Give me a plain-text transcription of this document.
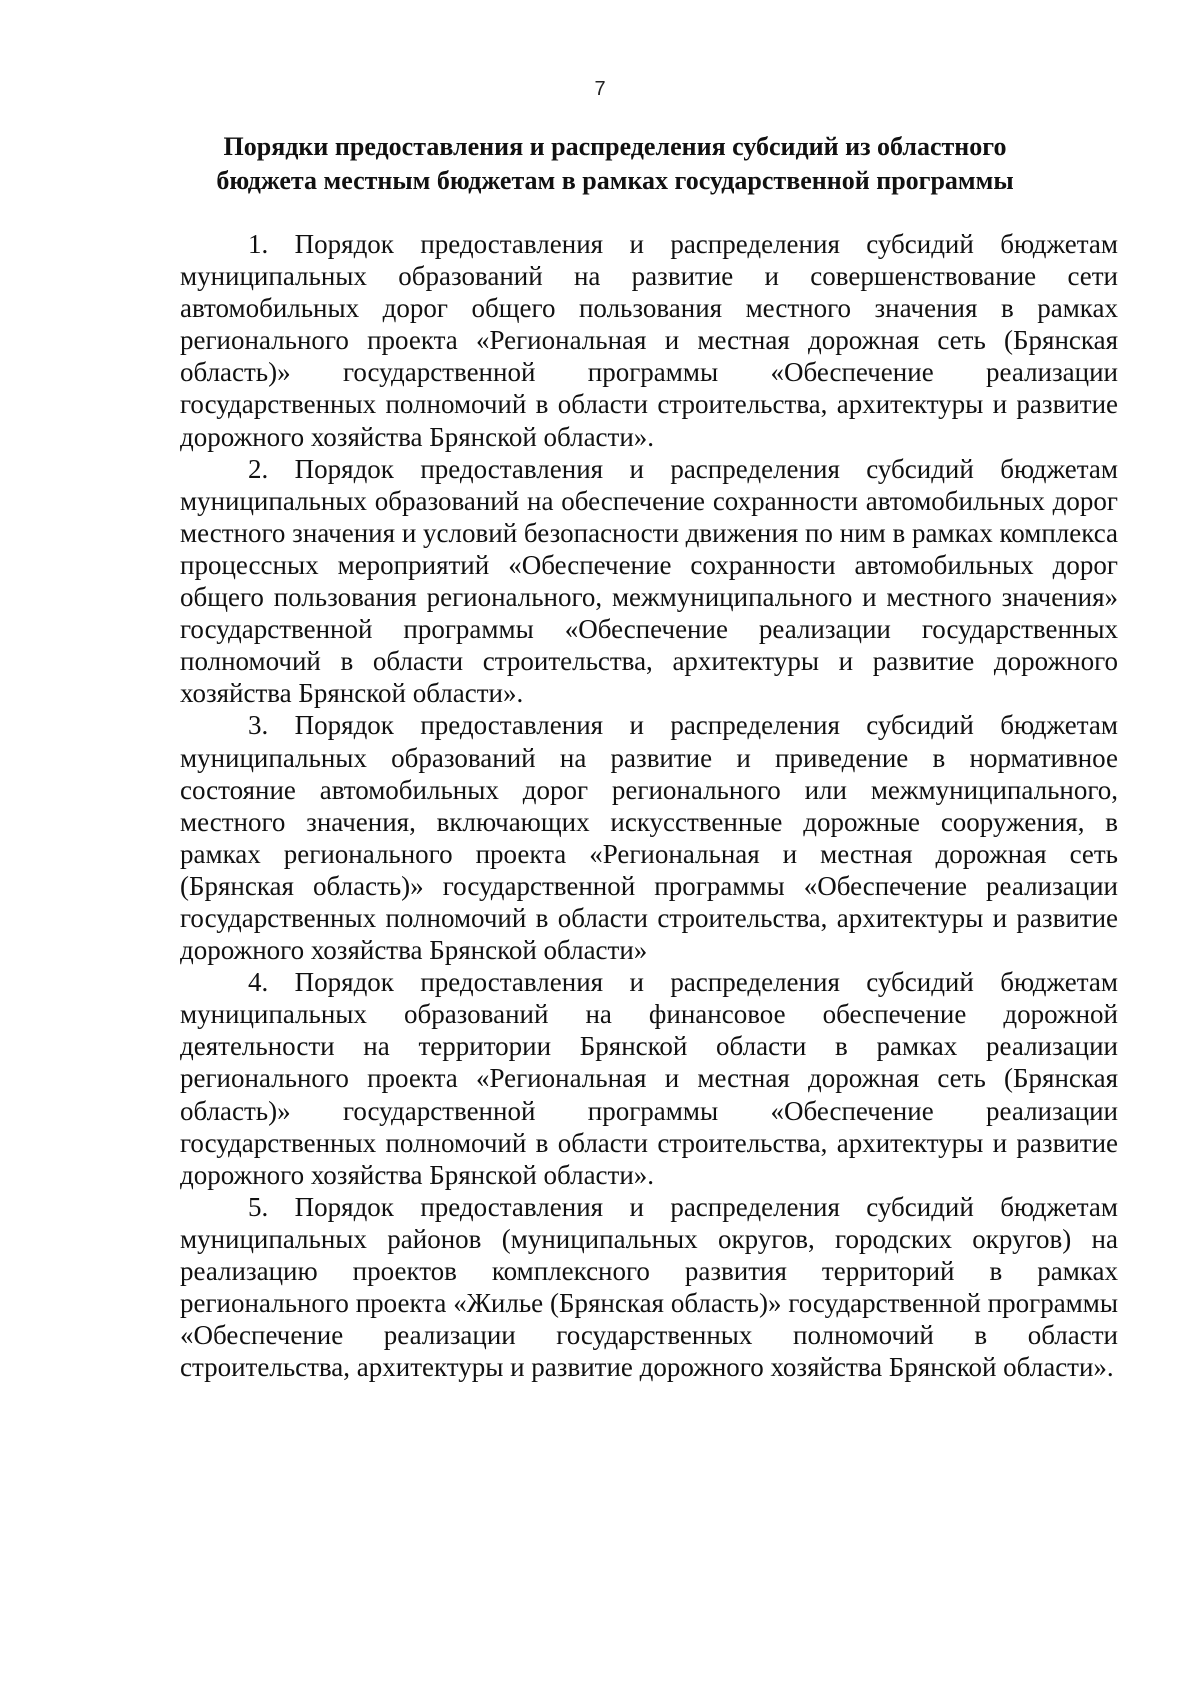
7
Порядки предоставления и распределения субсидий из областного
бюджета местным бюджетам в рамках государственной программы

1. Порядок предоставления и распределения субсидий бюджетам муниципальных образований на развитие и совершенствование сети автомобильных дорог общего пользования местного значения в рамках регионального проекта «Региональная и местная дорожная сеть (Брянская область)» государственной программы «Обеспечение реализации государственных полномочий в области строительства, архитектуры и развитие дорожного хозяйства Брянской области».

2. Порядок предоставления и распределения субсидий бюджетам муниципальных образований на обеспечение сохранности автомобильных дорог местного значения и условий безопасности движения по ним в рамках комплекса процессных мероприятий «Обеспечение сохранности автомобильных дорог общего пользования регионального, межмуниципального и местного значения» государственной программы «Обеспечение реализации государственных полномочий в области строительства, архитектуры и развитие дорожного хозяйства Брянской области».

3. Порядок предоставления и распределения субсидий бюджетам муниципальных образований на развитие и приведение в нормативное состояние автомобильных дорог регионального или межмуниципального, местного значения, включающих искусственные дорожные сооружения, в рамках регионального проекта «Региональная и местная дорожная сеть (Брянская область)» государственной программы «Обеспечение реализации государственных полномочий в области строительства, архитектуры и развитие дорожного хозяйства Брянской области»

4. Порядок предоставления и распределения субсидий бюджетам муниципальных образований на финансовое обеспечение дорожной деятельности на территории Брянской области в рамках реализации регионального проекта «Региональная и местная дорожная сеть (Брянская область)» государственной программы «Обеспечение реализации государственных полномочий в области строительства, архитектуры и развитие дорожного хозяйства Брянской области».

5. Порядок предоставления и распределения субсидий бюджетам муниципальных районов (муниципальных округов, городских округов) на реализацию проектов комплексного развития территорий в рамках регионального проекта «Жилье (Брянская область)» государственной программы «Обеспечение реализации государственных полномочий в области строительства, архитектуры и развитие дорожного хозяйства Брянской области».
